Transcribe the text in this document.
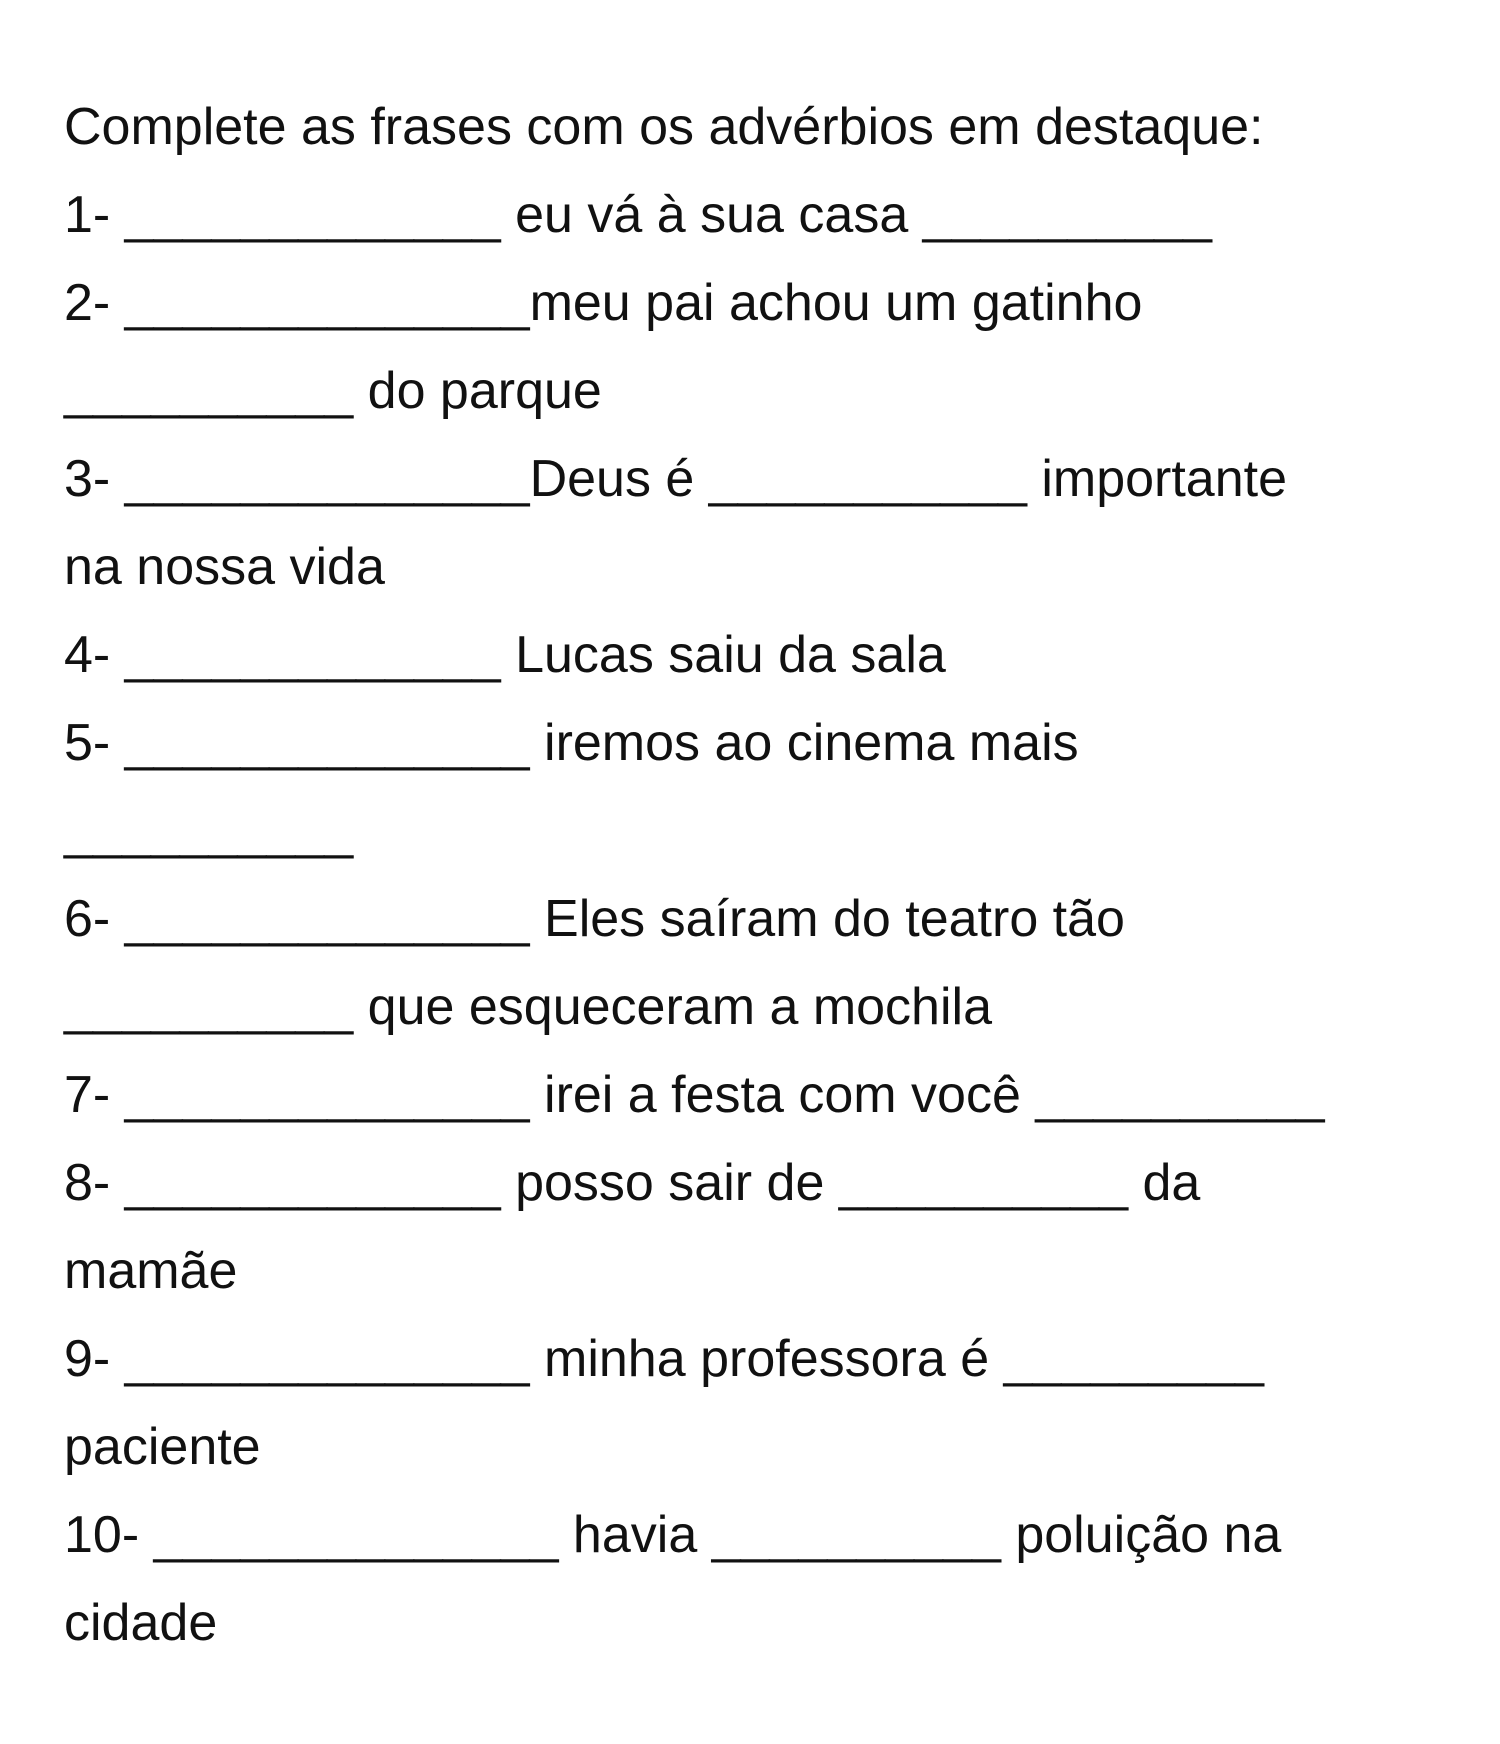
Complete as frases com os advérbios em destaque:
1- _____________ eu vá à sua casa __________
2- ______________meu pai achou um gatinho
__________ do parque
3- ______________Deus é ___________ importante
na nossa vida
4- _____________ Lucas saiu da sala
5- ______________ iremos ao cinema mais
__________
6- ______________ Eles saíram do teatro tão
__________ que esqueceram a mochila
7- ______________ irei a festa com você __________
8- _____________ posso sair de __________ da
mamãe
9- ______________ minha professora é _________
paciente
10- ______________ havia __________ poluição na
cidade
